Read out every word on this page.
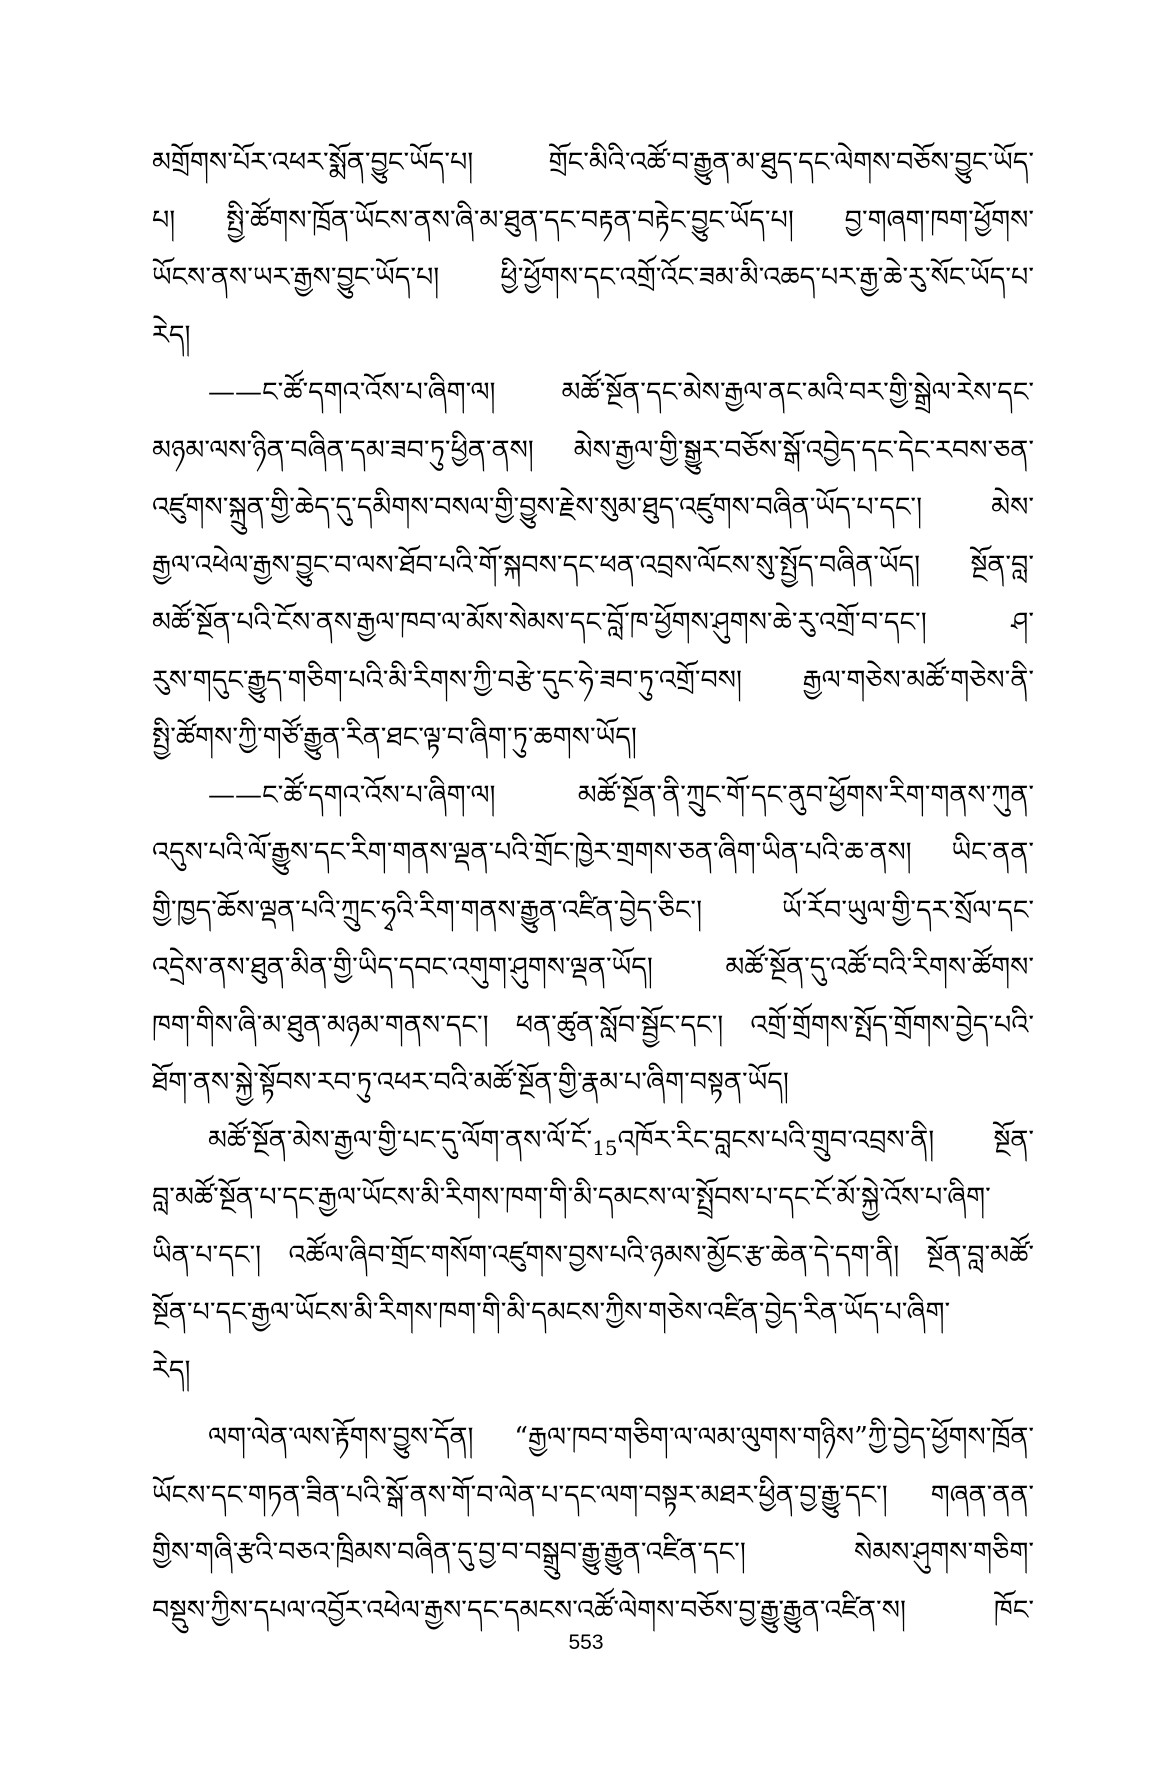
མགྲོགས་པོར་འཕར་སྨོན་བྱུང་ཡོད་པ། གྲོང་མིའི་འཚོ་བ་རྒྱུན་མ་ཐུད་དང་ལེགས་བཅོས་བྱུང་ཡོད་
པ། སྤྱི་ཚོགས་ཁྲོན་ཡོངས་ནས་ཞི་མ་ཐུན་དང་བརྟན་བརྟེང་བྱུང་ཡོད་པ། བྱ་གཞག་ཁག་ཕྱོགས་
ཡོངས་ནས་ཡར་རྒྱས་བྱུང་ཡོད་པ། ཕྱི་ཕྱོགས་དང་འགྲོ་འོང་ཟམ་མི་འཆད་པར་རྒྱ་ཆེ་རུ་སོང་ཡོད་པ་
རེད།
——ང་ཚོ་དགའ་འོས་པ་ཞིག་ལ། མཚོ་སྔོན་དང་མེས་རྒྱལ་ནང་མའི་བར་གྱི་སྒྲེལ་རེས་དང་
མཉམ་ལས་ཉིན་བཞིན་དམ་ཟབ་ཏུ་ཕྱིན་ནས། མེས་རྒྱལ་གྱི་སྒྱུར་བཅོས་སྒོ་འབྱེད་དང་དེང་རབས་ཅན་
འཛུགས་སྐྲུན་གྱི་ཆེད་དུ་དམིགས་བསལ་གྱི་བྱུས་རྗེས་སུམ་ཐུད་འཛུགས་བཞིན་ཡོད་པ་དང་། མེས་
རྒྱལ་འཕེལ་རྒྱས་བྱུང་བ་ལས་ཐོབ་པའི་གོ་སྐབས་དང་ཕན་འབྲས་ལོངས་སུ་སྤྱོད་བཞིན་ཡོད། སྔོན་བླ་
མཚོ་སྔོན་པའི་ངོས་ནས་རྒྱལ་ཁབ་ལ་མོས་སེམས་དང་བློ་ཁ་ཕྱོགས་ཤུགས་ཆེ་རུ་འགྲོ་བ་དང་། ཤ་
རུས་གདུང་རྒྱུད་གཅིག་པའི་མི་རིགས་ཀྱི་བརྩེ་དུང་ཧེ་ཟབ་ཏུ་འགྲོ་བས། རྒྱལ་གཅེས་མཚོ་གཅེས་ནི་
སྤྱི་ཚོགས་ཀྱི་གཙོ་རྒྱུན་རིན་ཐང་ལྟ་བ་ཞིག་ཏུ་ཆགས་ཡོད།
——ང་ཚོ་དགའ་འོས་པ་ཞིག་ལ། མཚོ་སྔོན་ནི་ཀྲུང་གོ་དང་ནུབ་ཕྱོགས་རིག་གནས་ཀུན་
འདུས་པའི་ལོ་རྒྱུས་དང་རིག་གནས་ལྡན་པའི་གྲོང་ཁྱེར་གྲགས་ཅན་ཞིག་ཡིན་པའི་ཆ་ནས། ཡིང་ནན་
གྱི་ཁྱད་ཆོས་ལྡན་པའི་ཀྲུང་ཧྭའི་རིག་གནས་རྒྱུན་འཛིན་བྱེད་ཅིང་། ཡོ་རོབ་ཡུལ་གྱི་དར་སྲོལ་དང་
འདྲེས་ནས་ཐུན་མིན་གྱི་ཡིད་དབང་འགུག་ཤུགས་ལྡན་ཡོད། མཚོ་སྔོན་དུ་འཚོ་བའི་རིགས་ཚོགས་
ཁག་གིས་ཞི་མ་ཐུན་མཉམ་གནས་དང་། ཕན་ཚུན་སློབ་སྦྱོང་དང་། འགྲོ་གྲོགས་སྤོད་གྲོགས་བྱེད་པའི་
ཐོག་ནས་སྐྱེ་སྟོབས་རབ་ཏུ་འཕར་བའི་མཚོ་སྔོན་གྱི་རྣམ་པ་ཞིག་བསྟན་ཡོད།
$མཚོ་སྔོན་མེས་རྒྱལ་གྱི་པང་དུ་ལོག་ནས་ལོ་ངོ་_{15}འཁོར་རིང་བླངས་པའི་གྲུབ་འབྲས་ནི།$ སྔོན་
བླ་མཚོ་སྔོན་པ་དང་རྒྱལ་ཡོངས་མི་རིགས་ཁག་གི་མི་དམངས་ལ་སྤྲོབས་པ་དང་ངོ་མོ་སྐྱེ་འོས་པ་ཞིག་
ཡིན་པ་དང་། འཚོལ་ཞིབ་གྲོང་གསོག་འཛུགས་བྱས་པའི་ཉམས་མྱོང་རྩ་ཆེན་དེ་དག་ནི། སྔོན་བླ་མཚོ་
སྔོན་པ་དང་རྒྱལ་ཡོངས་མི་རིགས་ཁག་གི་མི་དམངས་ཀྱིས་གཅེས་འཛིན་བྱེད་རིན་ཡོད་པ་ཞིག་
རེད།
ལག་ལེན་ལས་རྟོགས་བྱུས་དོན། “རྒྱལ་ཁབ་གཅིག་ལ་ལམ་ལུགས་གཉིས”ཀྱི་བྱེད་ཕྱོགས་ཁྲོན་
ཡོངས་དང་གཏན་ཟིན་པའི་སྒོ་ནས་གོ་བ་ལེན་པ་དང་ལག་བསྟར་མཐར་ཕྱིན་བྱ་རྒྱུ་དང་། གཞན་ནན་
གྱིས་གཞི་རྩའི་བཅའ་ཁྲིམས་བཞིན་དུ་བྱ་བ་བསྒྲུབ་རྒྱུ་རྒྱུན་འཛིན་དང་། སེམས་ཤུགས་གཅིག་
བསྡུས་ཀྱིས་དཔལ་འབྱོར་འཕེལ་རྒྱས་དང་དམངས་འཚོ་ལེགས་བཅོས་བྱ་རྒྱུ་རྒྱུན་འཛིན་ས། ཁོང་
553
